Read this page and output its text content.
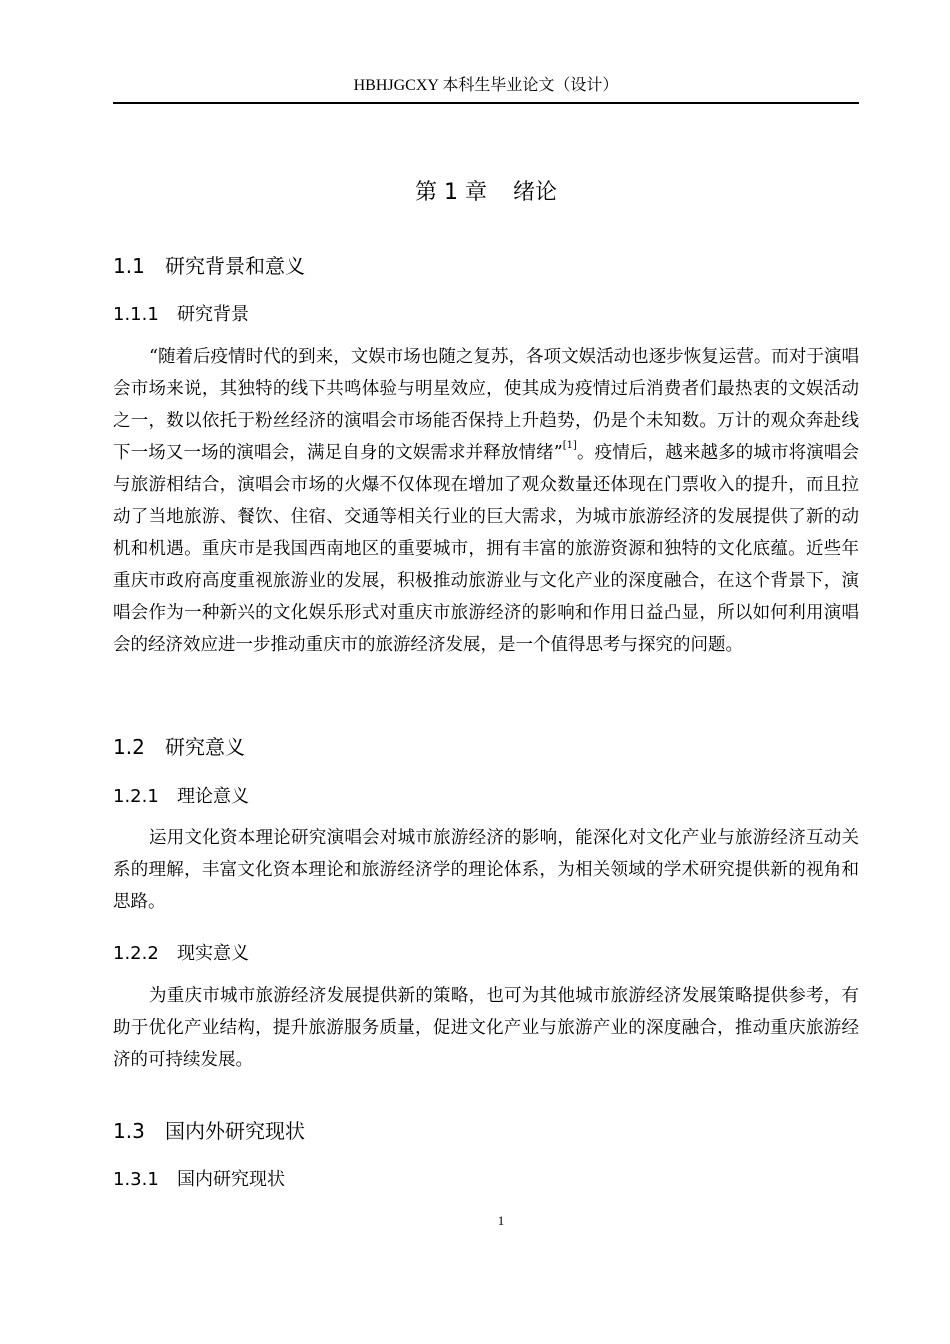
HBHJGCXY 本科生毕业论文（设计）
第 1 章 绪论
1.1 研究背景和意义
1.1.1 研究背景

“随着后疫情时代的到来，文娱市场也随之复苏，各项文娱活动也逐步恢复运营。而对于演唱会市场来说，其独特的线下共鸣体验与明星效应，使其成为疫情过后消费者们最热衷的文娱活动之一，数以依托于粉丝经济的演唱会市场能否保持上升趋势，仍是个未知数。万计的观众奔赴线下一场又一场的演唱会，满足自身的文娱需求并释放情绪”[1]。疫情后，越来越多的城市将演唱会与旅游相结合，演唱会市场的火爆不仅体现在增加了观众数量还体现在门票收入的提升，而且拉动了当地旅游、餐饮、住宿、交通等相关行业的巨大需求，为城市旅游经济的发展提供了新的动机和机遇。重庆市是我国西南地区的重要城市，拥有丰富的旅游资源和独特的文化底蕴。近些年重庆市政府高度重视旅游业的发展，积极推动旅游业与文化产业的深度融合，在这个背景下，演唱会作为一种新兴的文化娱乐形式对重庆市旅游经济的影响和作用日益凸显，所以如何利用演唱会的经济效应进一步推动重庆市的旅游经济发展，是一个值得思考与探究的问题。

1.2 研究意义
1.2.1 理论意义

运用文化资本理论研究演唱会对城市旅游经济的影响，能深化对文化产业与旅游经济互动关系的理解，丰富文化资本理论和旅游经济学的理论体系，为相关领域的学术研究提供新的视角和思路。

1.2.2 现实意义

为重庆市城市旅游经济发展提供新的策略，也可为其他城市旅游经济发展策略提供参考，有助于优化产业结构，提升旅游服务质量，促进文化产业与旅游产业的深度融合，推动重庆旅游经济的可持续发展。

1.3 国内外研究现状
1.3.1 国内研究现状
1
